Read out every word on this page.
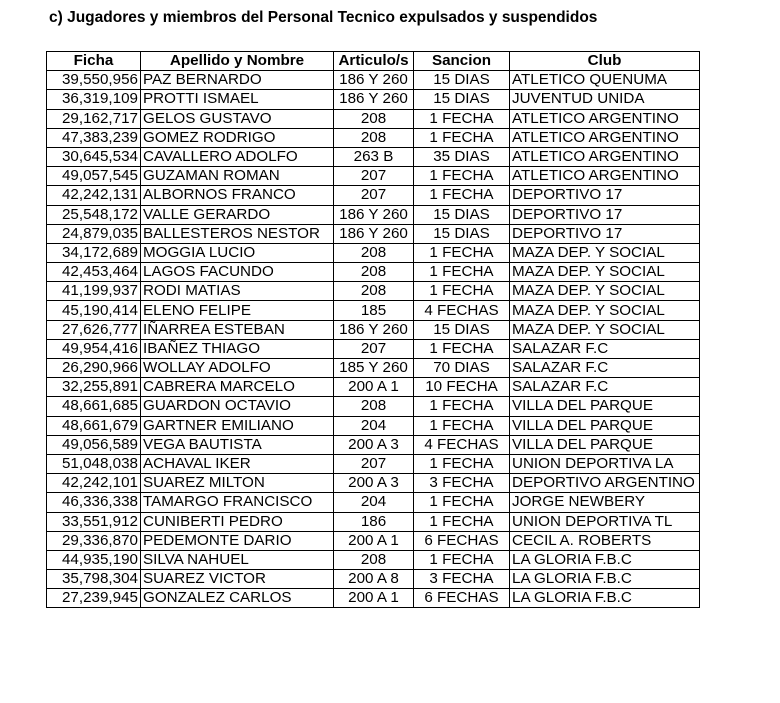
c) Jugadores y miembros del Personal Tecnico expulsados y suspendidos
Ficha	Apellido y Nombre	Articulo/s	Sancion	Club
39,550,956	PAZ BERNARDO	186 Y 260	15 DIAS	ATLETICO QUENUMA
36,319,109	PROTTI ISMAEL	186 Y 260	15 DIAS	JUVENTUD UNIDA
29,162,717	GELOS GUSTAVO	208	1 FECHA	ATLETICO ARGENTINO
47,383,239	GOMEZ RODRIGO	208	1 FECHA	ATLETICO ARGENTINO
30,645,534	CAVALLERO ADOLFO	263 B	35 DIAS	ATLETICO ARGENTINO
49,057,545	GUZAMAN ROMAN	207	1 FECHA	ATLETICO ARGENTINO
42,242,131	ALBORNOS FRANCO	207	1 FECHA	DEPORTIVO 17
25,548,172	VALLE GERARDO	186 Y 260	15 DIAS	DEPORTIVO 17
24,879,035	BALLESTEROS NESTOR	186 Y 260	15 DIAS	DEPORTIVO 17
34,172,689	MOGGIA LUCIO	208	1 FECHA	MAZA DEP. Y SOCIAL
42,453,464	LAGOS FACUNDO	208	1 FECHA	MAZA DEP. Y SOCIAL
41,199,937	RODI MATIAS	208	1 FECHA	MAZA DEP. Y SOCIAL
45,190,414	ELENO FELIPE	185	4 FECHAS	MAZA DEP. Y SOCIAL
27,626,777	IÑARREA ESTEBAN	186 Y 260	15 DIAS	MAZA DEP. Y SOCIAL
49,954,416	IBAÑEZ THIAGO	207	1 FECHA	SALAZAR F.C
26,290,966	WOLLAY ADOLFO	185 Y 260	70 DIAS	SALAZAR F.C
32,255,891	CABRERA MARCELO	200 A 1	10 FECHA	SALAZAR F.C
48,661,685	GUARDON OCTAVIO	208	1 FECHA	VILLA DEL PARQUE
48,661,679	GARTNER EMILIANO	204	1 FECHA	VILLA DEL PARQUE
49,056,589	VEGA BAUTISTA	200 A 3	4 FECHAS	VILLA DEL PARQUE
51,048,038	ACHAVAL IKER	207	1 FECHA	UNION DEPORTIVA LA
42,242,101	SUAREZ MILTON	200 A 3	3 FECHA	DEPORTIVO ARGENTINO
46,336,338	TAMARGO FRANCISCO	204	1 FECHA	JORGE NEWBERY
33,551,912	CUNIBERTI PEDRO	186	1 FECHA	UNION DEPORTIVA TL
29,336,870	PEDEMONTE DARIO	200 A 1	6 FECHAS	CECIL A. ROBERTS
44,935,190	SILVA NAHUEL	208	1 FECHA	LA GLORIA F.B.C
35,798,304	SUAREZ VICTOR	200 A 8	3 FECHA	LA GLORIA F.B.C
27,239,945	GONZALEZ CARLOS	200 A 1	6 FECHAS	LA GLORIA F.B.C
